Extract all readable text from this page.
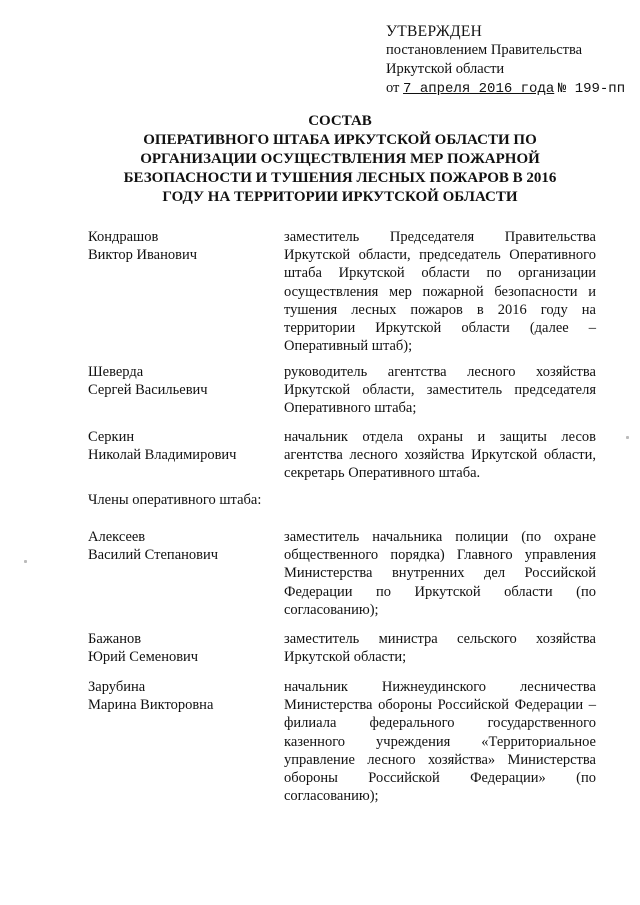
УТВЕРЖДЕН
постановлением Правительства
Иркутской области
от 7 апреля 2016 года № 199-пп
СОСТАВ
ОПЕРАТИВНОГО ШТАБА ИРКУТСКОЙ ОБЛАСТИ ПО
ОРГАНИЗАЦИИ ОСУЩЕСТВЛЕНИЯ МЕР ПОЖАРНОЙ
БЕЗОПАСНОСТИ И ТУШЕНИЯ ЛЕСНЫХ ПОЖАРОВ В 2016
ГОДУ НА ТЕРРИТОРИИ ИРКУТСКОЙ ОБЛАСТИ
Кондрашов
Виктор Иванович
заместитель Председателя Правительства Иркутской области, председатель Оперативного штаба Иркутской области по организации осуществления мер пожарной безопасности и тушения лесных пожаров в 2016 году на территории Иркутской области (далее – Оперативный штаб);
Шеверда
Сергей Васильевич
руководитель агентства лесного хозяйства Иркутской области, заместитель председателя Оперативного штаба;
Серкин
Николай Владимирович
начальник отдела охраны и защиты лесов агентства лесного хозяйства Иркутской области, секретарь Оперативного штаба.
Члены оперативного штаба:
Алексеев
Василий Степанович
заместитель начальника полиции (по охране общественного порядка) Главного управления Министерства внутренних дел Российской Федерации по Иркутской области (по согласованию);
Бажанов
Юрий Семенович
заместитель министра сельского хозяйства Иркутской области;
Зарубина
Марина Викторовна
начальник Нижнеудинского лесничества Министерства обороны Российской Федерации – филиала федерального государственного казенного учреждения «Территориальное управление лесного хозяйства» Министерства обороны Российской Федерации» (по согласованию);
